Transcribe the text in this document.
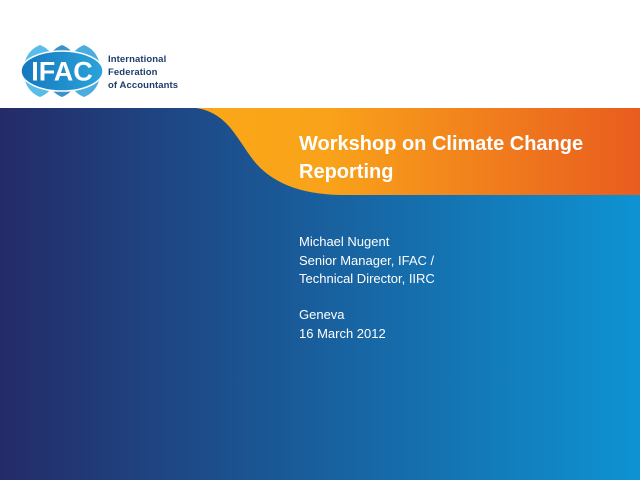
IFAC International
Federation
of Accountants
Workshop on Climate Change
Reporting
Michael Nugent
Senior Manager, IFAC /
Technical Director, IIRC
Geneva
16 March 2012
